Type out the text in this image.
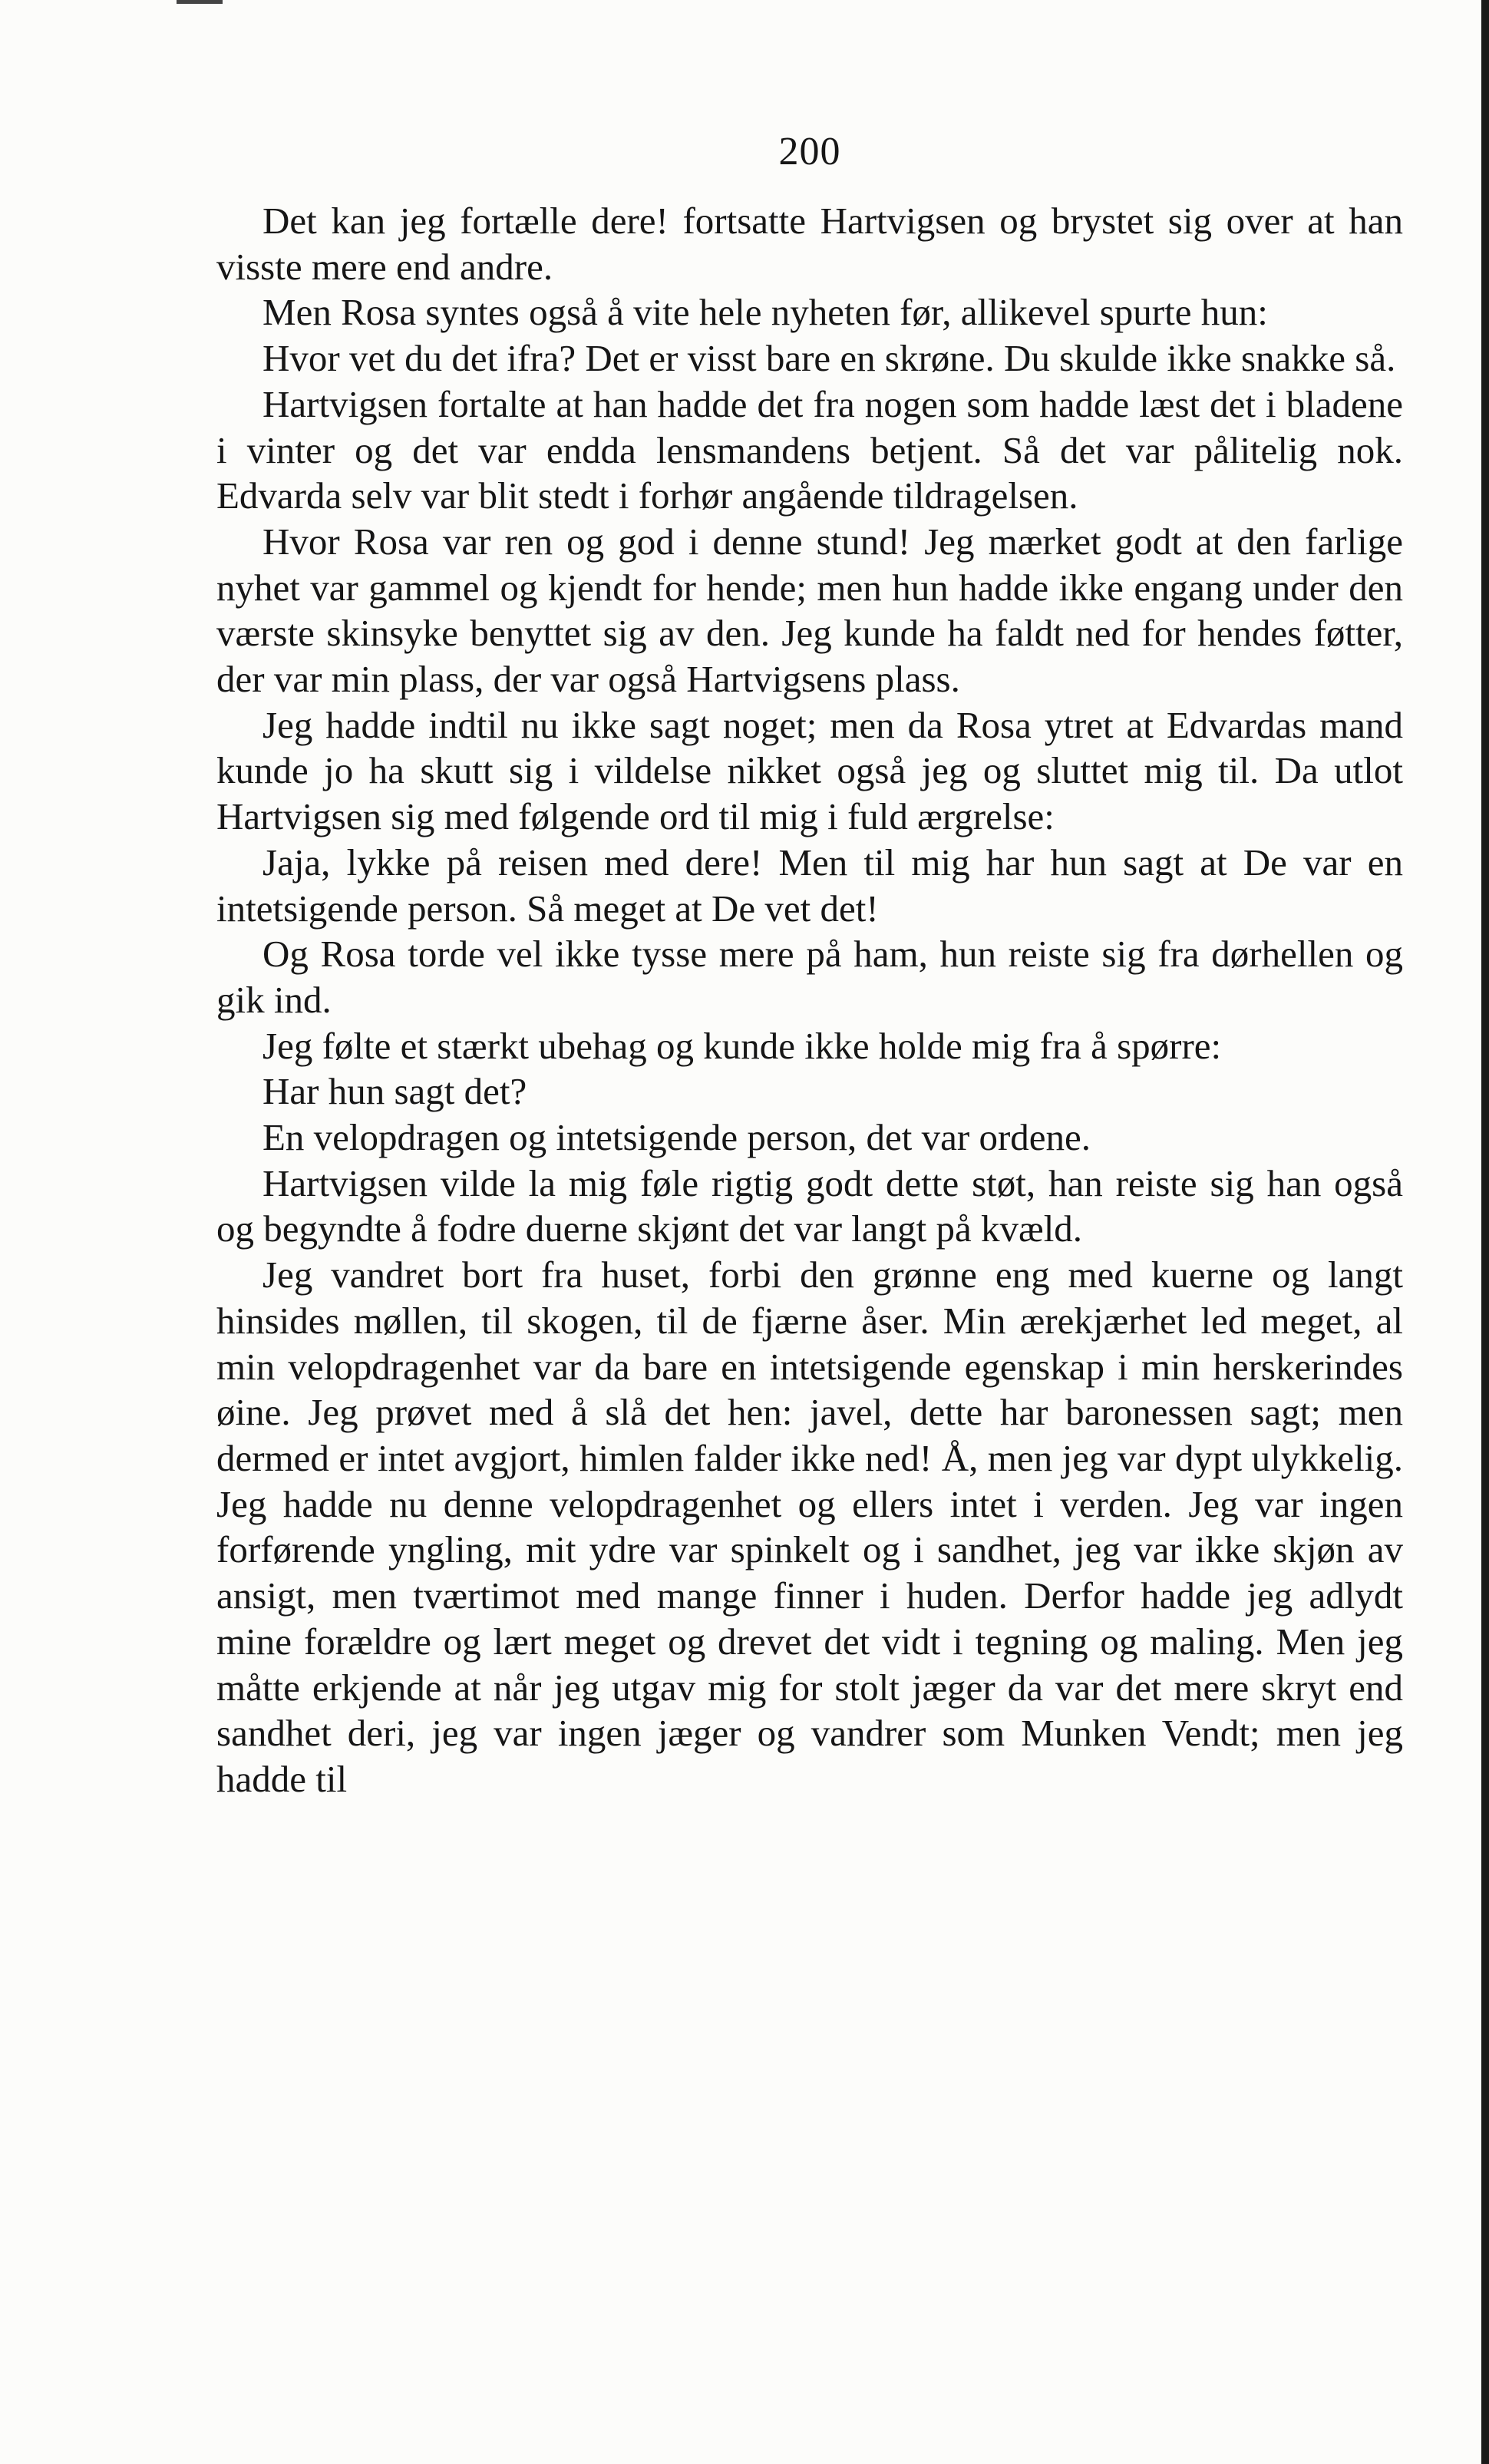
200

Det kan jeg fortælle dere! fortsatte Hartvigsen og brystet sig over at han visste mere end andre.

Men Rosa syntes også å vite hele nyheten før, allikevel spurte hun:

Hvor vet du det ifra? Det er visst bare en skrøne. Du skulde ikke snakke så.

Hartvigsen fortalte at han hadde det fra nogen som hadde læst det i bladene i vinter og det var endda lensmandens betjent. Så det var pålitelig nok. Edvarda selv var blit stedt i forhør angående tildragelsen.

Hvor Rosa var ren og god i denne stund! Jeg mærket godt at den farlige nyhet var gammel og kjendt for hende; men hun hadde ikke engang under den værste skinsyke benyttet sig av den. Jeg kunde ha faldt ned for hendes føtter, der var min plass, der var også Hartvigsens plass.

Jeg hadde indtil nu ikke sagt noget; men da Rosa ytret at Edvardas mand kunde jo ha skutt sig i vildelse nikket også jeg og sluttet mig til. Da utlot Hartvigsen sig med følgende ord til mig i fuld ærgrelse:

Jaja, lykke på reisen med dere! Men til mig har hun sagt at De var en intetsigende person. Så meget at De vet det!

Og Rosa torde vel ikke tysse mere på ham, hun reiste sig fra dørhellen og gik ind.

Jeg følte et stærkt ubehag og kunde ikke holde mig fra å spørre:

Har hun sagt det?

En velopdragen og intetsigende person, det var ordene.

Hartvigsen vilde la mig føle rigtig godt dette støt, han reiste sig han også og begyndte å fodre duerne skjønt det var langt på kvæld.

Jeg vandret bort fra huset, forbi den grønne eng med kuerne og langt hinsides møllen, til skogen, til de fjærne åser. Min ærekjærhet led meget, al min velopdragenhet var da bare en intetsigende egenskap i min herskerindes øine. Jeg prøvet med å slå det hen: javel, dette har baronessen sagt; men dermed er intet avgjort, himlen falder ikke ned! Å, men jeg var dypt ulykkelig. Jeg hadde nu denne velopdragenhet og ellers intet i verden. Jeg var ingen forførende yngling, mit ydre var spinkelt og i sandhet, jeg var ikke skjøn av ansigt, men tværtimot med mange finner i huden. Derfor hadde jeg adlydt mine forældre og lært meget og drevet det vidt i tegning og maling. Men jeg måtte erkjende at når jeg utgav mig for stolt jæger da var det mere skryt end sandhet deri, jeg var ingen jæger og vandrer som Munken Vendt; men jeg hadde til
